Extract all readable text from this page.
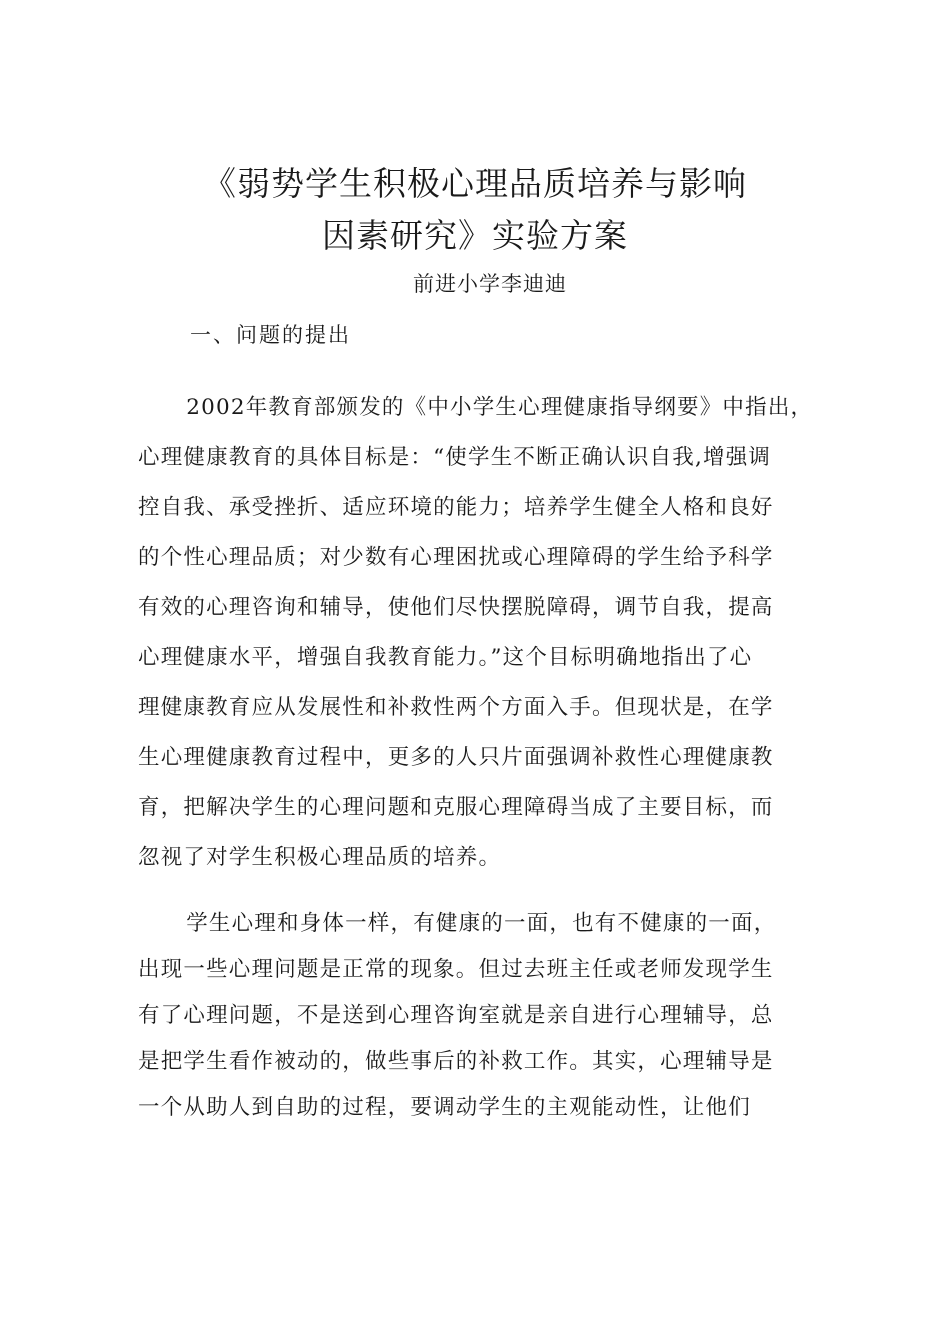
《弱势学生积极心理品质培养与影响
因素研究》实验方案
前进小学李迪迪
一、问题的提出
2002年教育部颁发的《中小学生心理健康指导纲要》中指出，
心理健康教育的具体目标是：“使学生不断正确认识自我,增强调
控自我、承受挫折、适应环境的能力；培养学生健全人格和良好
的个性心理品质；对少数有心理困扰或心理障碍的学生给予科学
有效的心理咨询和辅导，使他们尽快摆脱障碍，调节自我，提高
心理健康水平，增强自我教育能力。”这个目标明确地指出了心
理健康教育应从发展性和补救性两个方面入手。但现状是，在学
生心理健康教育过程中，更多的人只片面强调补救性心理健康教
育，把解决学生的心理问题和克服心理障碍当成了主要目标，而
忽视了对学生积极心理品质的培养。
学生心理和身体一样，有健康的一面，也有不健康的一面，
出现一些心理问题是正常的现象。但过去班主任或老师发现学生
有了心理问题，不是送到心理咨询室就是亲自进行心理辅导，总
是把学生看作被动的，做些事后的补救工作。其实，心理辅导是
一个从助人到自助的过程，要调动学生的主观能动性，让他们
